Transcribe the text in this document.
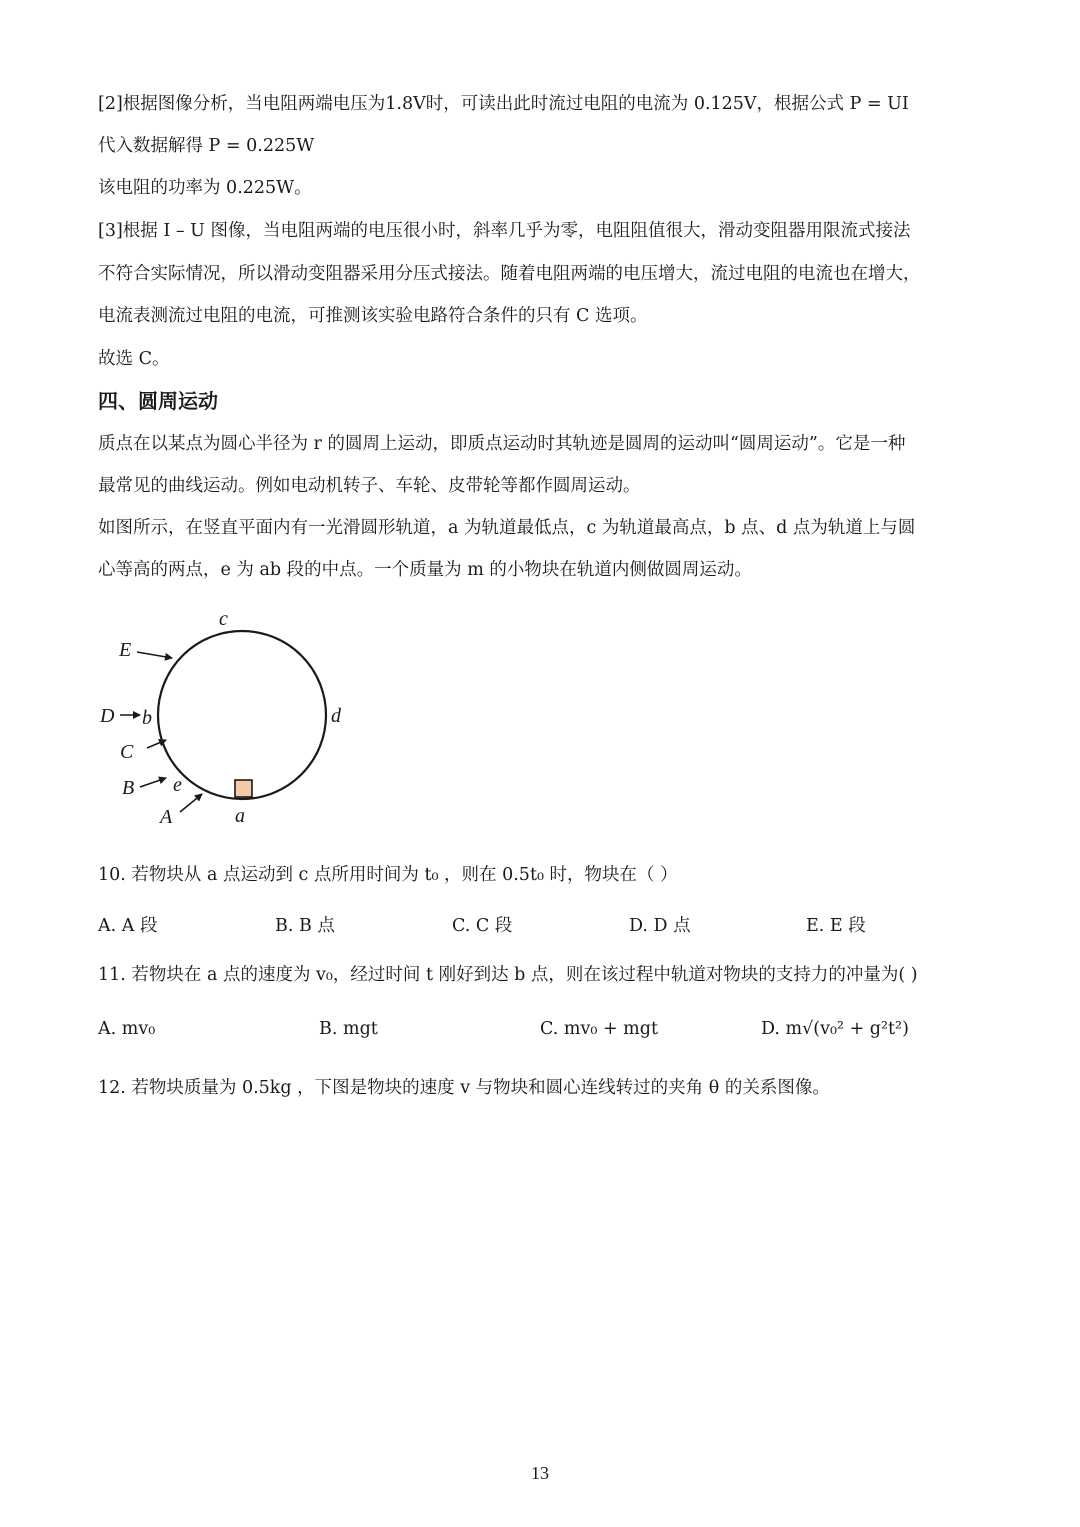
[2]根据图像分析，当电阻两端电压为1.8V时，可读出此时流过电阻的电流为 0.125V，根据公式 P = UI
代入数据解得 P = 0.225W
该电阻的功率为 0.225W。
[3]根据 I – U 图像，当电阻两端的电压很小时，斜率几乎为零，电阻阻值很大，滑动变阻器用限流式接法
不符合实际情况，所以滑动变阻器采用分压式接法。随着电阻两端的电压增大，流过电阻的电流也在增大，
电流表测流过电阻的电流，可推测该实验电路符合条件的只有 C 选项。
故选 C。
四、圆周运动
质点在以某点为圆心半径为 r 的圆周上运动，即质点运动时其轨迹是圆周的运动叫“圆周运动”。它是一种
最常见的曲线运动。例如电动机转子、车轮、皮带轮等都作圆周运动。
如图所示，在竖直平面内有一光滑圆形轨道，a 为轨道最低点，c 为轨道最高点，b 点、d 点为轨道上与圆
心等高的两点，e 为 ab 段的中点。一个质量为 m 的小物块在轨道内侧做圆周运动。
c
d
b
e
a
E
D
C
B
A
10. 若物块从 a 点运动到 c 点所用时间为 t₀ ，则在 0.5t₀ 时，物块在（ ）
A. A 段	B. B 点	C. C 段	D. D 点	E. E 段
11. 若物块在 a 点的速度为 v₀，经过时间 t 刚好到达 b 点，则在该过程中轨道对物块的支持力的冲量为( )
A. mv₀	B. mgt	C. mv₀ + mgt	D. m√(v₀² + g²t²)
12. 若物块质量为 0.5kg ，下图是物块的速度 v 与物块和圆心连线转过的夹角 θ 的关系图像。
13
